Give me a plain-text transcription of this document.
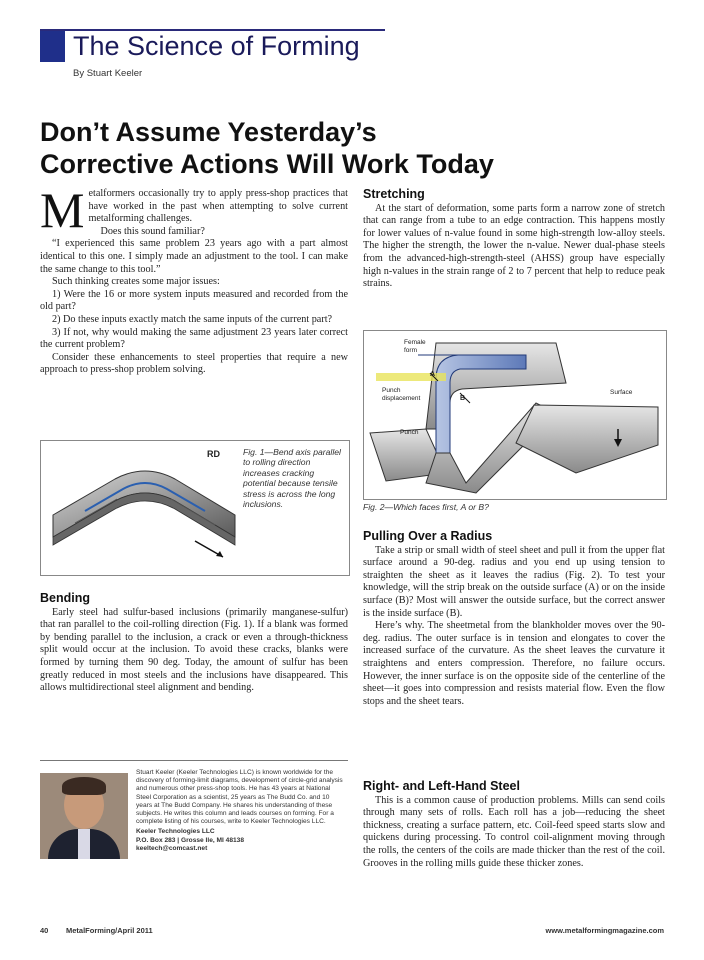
The Science of Forming
By Stuart Keeler
Don’t Assume Yesterday’s
Corrective Actions Will Work Today
M etalformers occasionally try to apply press-shop practices that have worked in the past when attempting to solve current metalforming challenges.

Does this sound familiar?

“I experienced this same problem 23 years ago with a part almost identical to this one. I simply made an adjustment to the tool. I can make the same change to this tool.”

Such thinking creates some major issues:

1) Were the 16 or more system inputs measured and recorded from the old part?

2) Do these inputs exactly match the same inputs of the current part?

3) If not, why would making the same adjustment 23 years later correct the current problem?

Consider these enhancements to steel properties that require a new approach to press-shop problem solving.

RD	Fig. 1—Bend axis parallel to rolling direction increases cracking potential because tensile stress is across the long inclusions.
Bending

Early steel had sulfur-based inclusions (primarily manganese-sulfur) that ran parallel to the coil-rolling direction (Fig. 1). If a blank was formed by bending parallel to the inclusion, a crack or even a through-thickness split would occur at the inclusion. To avoid these cracks, blanks were formed by turning them 90 deg. Today, the amount of sulfur has been greatly reduced in most steels and the inclusions have disappeared. This allows multidirectional steel alignment and bending.

Stuart Keeler (Keeler Technologies LLC) is known worldwide for the discovery of forming-limit diagrams, development of circle-grid analysis and numerous other press-shop tools. He has 43 years at National Steel Corporation as a scientist, 25 years as The Budd Co. and 10 years at The Budd Company. He shares his understanding of these subjects. He writes this column and leads courses on forming. For a complete listing of his courses, write to Keeler Technologies LLC.
Keeler Technologies LLC
P.O. Box 283 | Grosse Ile, MI 48138
keeltech@comcast.net
Stretching

At the start of deformation, some parts form a narrow zone of stretch that can range from a tube to an edge contraction. This happens mostly for lower values of n-value found in some high-strength low-alloy steels. The higher the strength, the lower the n-value. Newer dual-phase steels from the advanced-high-strength-steel (AHSS) group have especially high n-values in the strain range of 2 to 7 percent that help to reduce peak strains.

Female form
Punch displacement
Punch
Surface
A
B
Fig. 2—Which faces first, A or B?
Pulling Over a Radius

Take a strip or small width of steel sheet and pull it from the upper flat surface around a 90-deg. radius and you end up using tension to straighten the sheet as it leaves the radius (Fig. 2). To test your knowledge, will the strip break on the outside surface (A) or on the inside surface (B)? Most will answer the outside surface, but the correct answer is the inside surface (B).

Here’s why. The sheetmetal from the blankholder moves over the 90-deg. radius. The outer surface is in tension and elongates to cover the increased surface of the curvature. As the sheet leaves the curvature it straightens and enters compression. Therefore, no failure occurs. However, the inner surface is on the opposite side of the centerline of the sheet—it goes into compression and resists material flow. Even the flow stops and the sheet tears.

Right- and Left-Hand Steel

This is a common cause of production problems. Mills can send coils through many sets of rolls. Each roll has a job—reducing the sheet thickness, creating a surface pattern, etc. Coil-feed speed starts slow and quickens during processing. To control coil-alignment moving through the rolls, the centers of the coils are made thicker than the rest of the coil. Grooves in the rolling mills guide these thicker zones.

40 MetalForming/April 2011	www.metalformingmagazine.com
